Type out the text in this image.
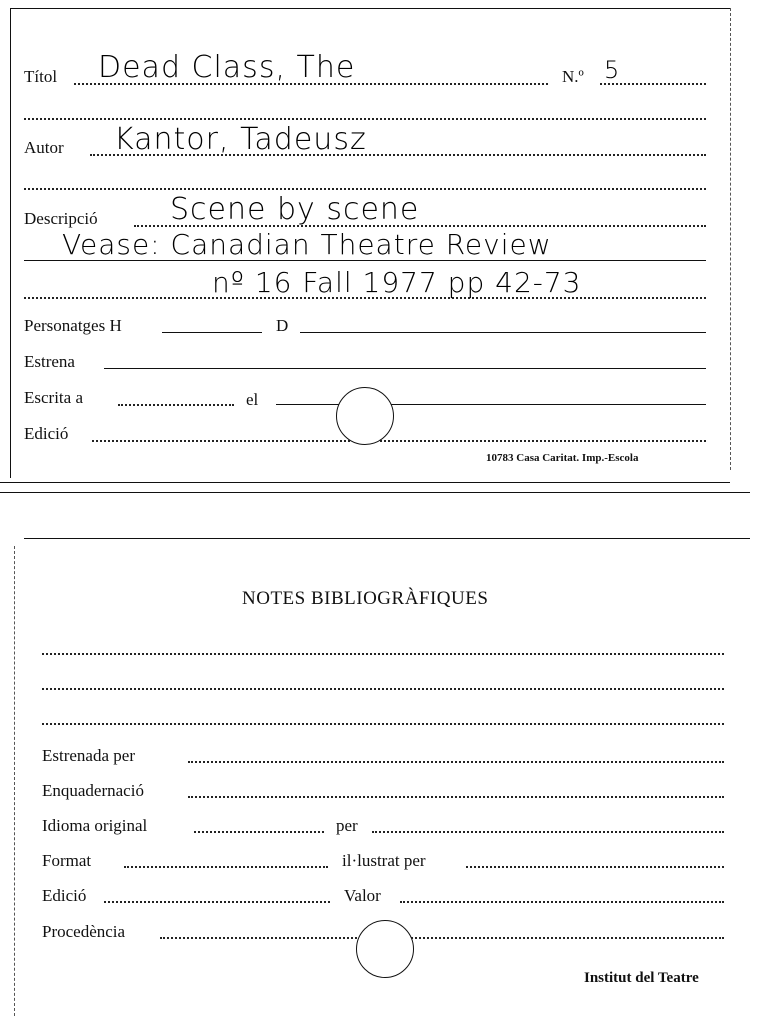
Títol Dead Class, The	N.º 5
Autor Kantor, Tadeusz
Descripció Scene by scene
Vease: Canadian Theatre Review
nº 16 Fall 1977 pp 42-73
Personatges H	D
Estrena
Escrita a	el
Edició
10783 Casa Caritat. Imp.-Escola
NOTES BIBLIOGRÀFIQUES
Estrenada per
Enquadernació
Idioma original	per
Format	il·lustrat per
Edició	Valor
Procedència
Institut del Teatre
